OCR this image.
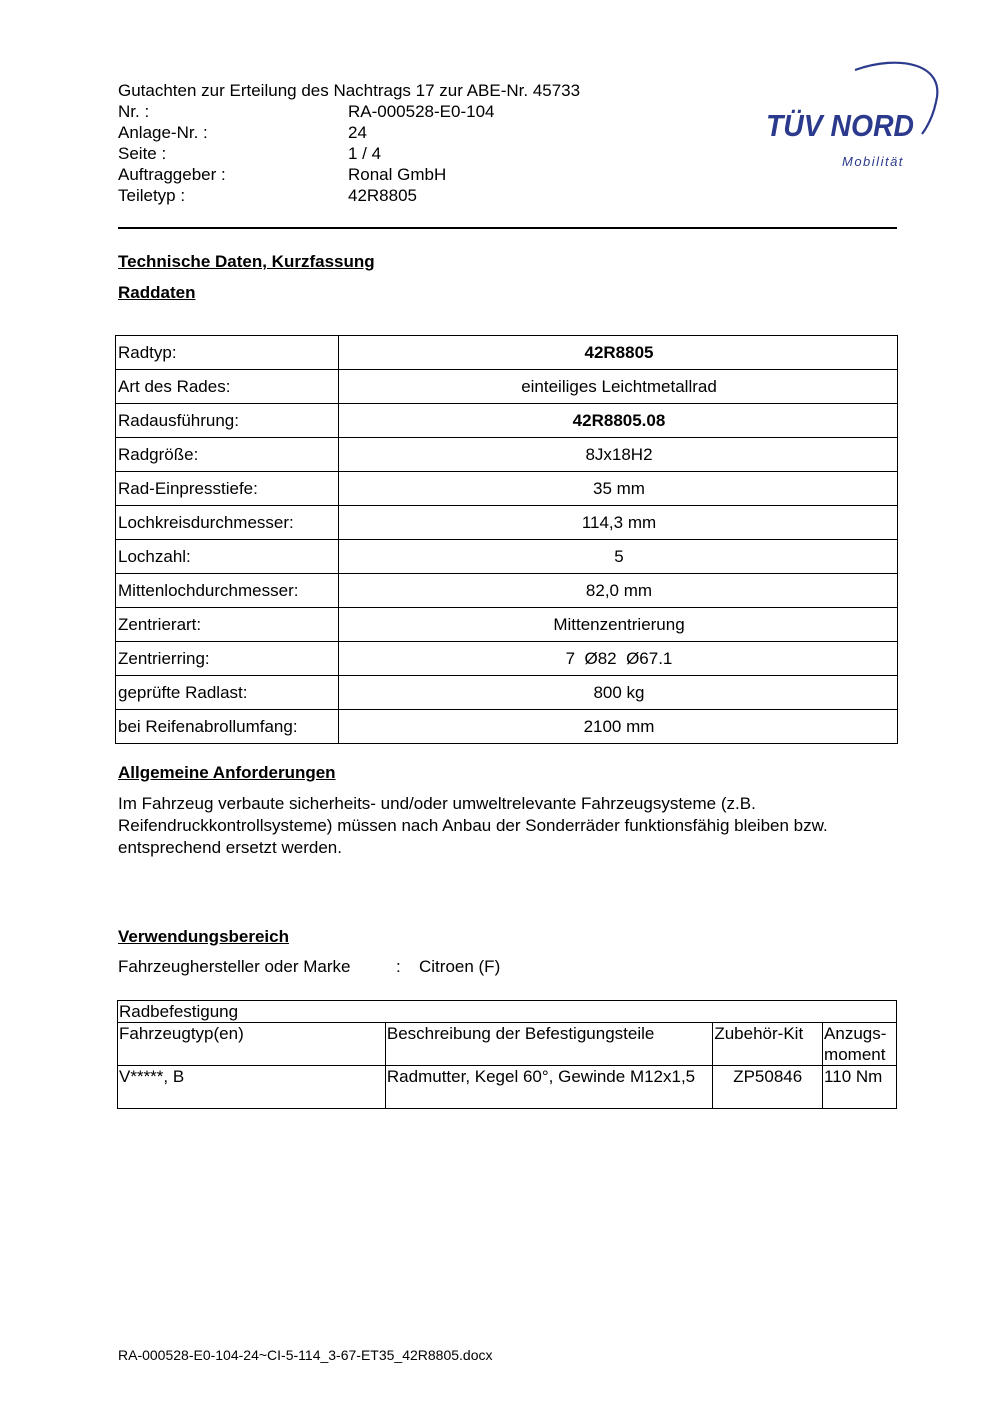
Gutachten zur Erteilung des Nachtrags 17 zur ABE-Nr. 45733
Nr. :	RA-000528-E0-104
Anlage-Nr. :	24
Seite :	1 / 4
Auftraggeber :	Ronal GmbH
Teiletyp :	42R8805
TÜV NORD
Mobilität
Technische Daten, Kurzfassung
Raddaten
Radtyp:	42R8805
Art des Rades:	einteiliges Leichtmetallrad
Radausführung:	42R8805.08
Radgröße:	8Jx18H2
Rad-Einpresstiefe:	35 mm
Lochkreisdurchmesser:	114,3 mm
Lochzahl:	5
Mittenlochdurchmesser:	82,0 mm
Zentrierart:	Mittenzentrierung
Zentrierring:	7  Ø82  Ø67.1
geprüfte Radlast:	800 kg
bei Reifenabrollumfang:	2100 mm
Allgemeine Anforderungen
Im Fahrzeug verbaute sicherheits- und/oder umweltrelevante Fahrzeugsysteme (z.B. Reifendruckkontrollsysteme) müssen nach Anbau der Sonderräder funktionsfähig bleiben bzw. entsprechend ersetzt werden.
Verwendungsbereich
Fahrzeughersteller oder Marke	:	Citroen (F)
Radbefestigung			
Fahrzeugtyp(en)	Beschreibung der Befestigungsteile	Zubehör-Kit	Anzugs-moment
V*****, B	Radmutter, Kegel 60°, Gewinde M12x1,5	ZP50846	110 Nm
RA-000528-E0-104-24~CI-5-114_3-67-ET35_42R8805.docx
